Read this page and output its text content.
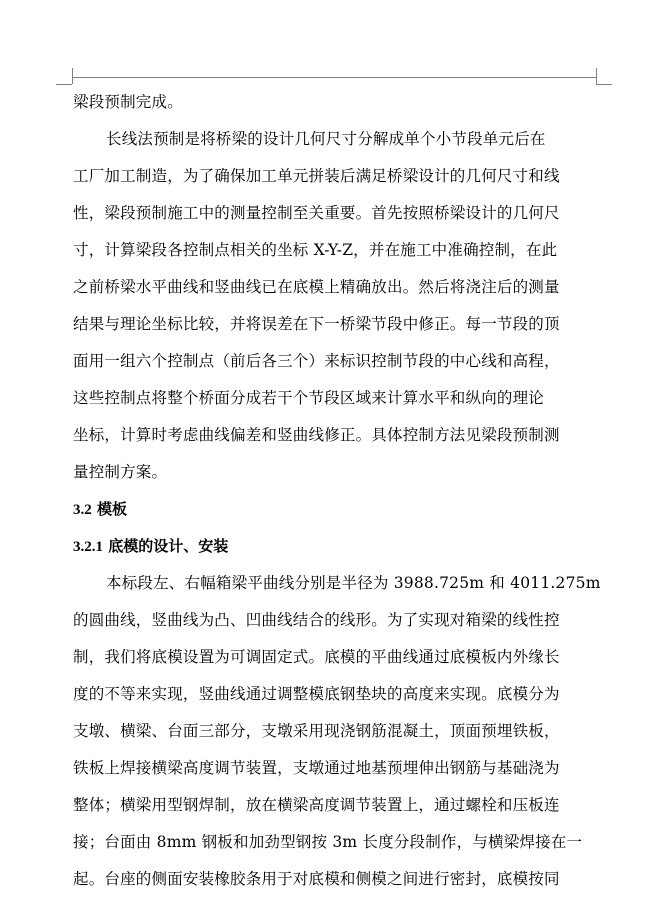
梁段预制完成。
长线法预制是将桥梁的设计几何尺寸分解成单个小节段单元后在
工厂加工制造，为了确保加工单元拼装后满足桥梁设计的几何尺寸和线
性，梁段预制施工中的测量控制至关重要。首先按照桥梁设计的几何尺
寸，计算梁段各控制点相关的坐标 X-Y-Z，并在施工中准确控制，在此
之前桥梁水平曲线和竖曲线已在底模上精确放出。然后将浇注后的测量
结果与理论坐标比较，并将误差在下一桥梁节段中修正。每一节段的顶
面用一组六个控制点（前后各三个）来标识控制节段的中心线和高程，
这些控制点将整个桥面分成若干个节段区域来计算水平和纵向的理论
坐标，计算时考虑曲线偏差和竖曲线修正。具体控制方法见梁段预制测
量控制方案。
3.2 模板
3.2.1 底模的设计、安装
本标段左、右幅箱梁平曲线分别是半径为 3988.725m 和 4011.275m
的圆曲线，竖曲线为凸、凹曲线结合的线形。为了实现对箱梁的线性控
制，我们将底模设置为可调固定式。底模的平曲线通过底模板内外缘长
度的不等来实现，竖曲线通过调整模底钢垫块的高度来实现。底模分为
支墩、横梁、台面三部分，支墩采用现浇钢筋混凝土，顶面预埋铁板，
铁板上焊接横梁高度调节装置，支墩通过地基预埋伸出钢筋与基础浇为
整体；横梁用型钢焊制，放在横梁高度调节装置上，通过螺栓和压板连
接；台面由 8mm 钢板和加劲型钢按 3m 长度分段制作，与横梁焊接在一
起。台座的侧面安装橡胶条用于对底模和侧模之间进行密封，底模按同
